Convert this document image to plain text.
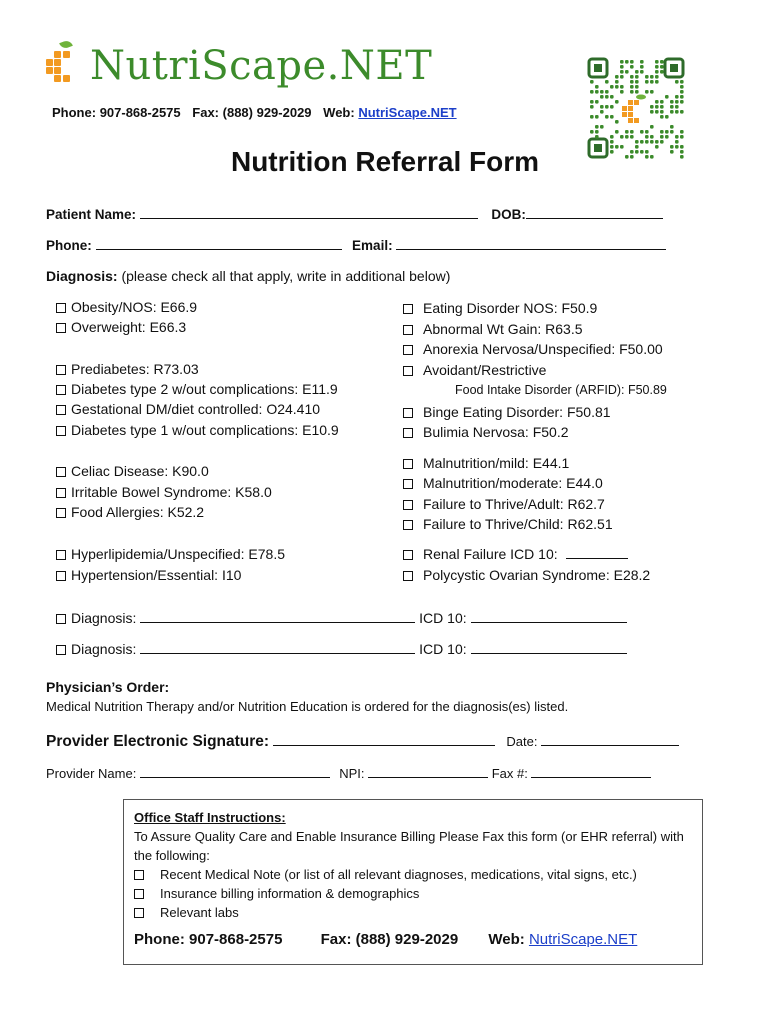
NutriScape.NET
Phone: 907-868-2575 Fax: (888) 929-2029 Web: NutriScape.NET
Nutrition Referral Form
Patient Name:	DOB:
Phone:	Email:
Diagnosis: (please check all that apply, write in additional below)
Obesity/NOS: E66.9
Overweight: E66.3
Prediabetes: R73.03
Diabetes type 2 w/out complications: E11.9
Gestational DM/diet controlled: O24.410
Diabetes type 1 w/out complications: E10.9
Celiac Disease: K90.0
Irritable Bowel Syndrome: K58.0
Food Allergies: K52.2
Hyperlipidemia/Unspecified: E78.5
Hypertension/Essential: I10
Eating Disorder NOS: F50.9
Abnormal Wt Gain: R63.5
Anorexia Nervosa/Unspecified: F50.00
Avoidant/Restrictive
Food Intake Disorder (ARFID): F50.89
Binge Eating Disorder: F50.81
Bulimia Nervosa: F50.2
Malnutrition/mild: E44.1
Malnutrition/moderate: E44.0
Failure to Thrive/Adult: R62.7
Failure to Thrive/Child: R62.51
Renal Failure ICD 10:
Polycystic Ovarian Syndrome: E28.2
Diagnosis:	ICD 10:
Diagnosis:	ICD 10:
Physician’s Order:
Medical Nutrition Therapy and/or Nutrition Education is ordered for the diagnosis(es) listed.
Provider Electronic Signature:	Date:
Provider Name:	NPI:	Fax #:
Office Staff Instructions:
To Assure Quality Care and Enable Insurance Billing Please Fax this form (or EHR referral) with the following:
Recent Medical Note (or list of all relevant diagnoses, medications, vital signs, etc.)
Insurance billing information & demographics
Relevant labs
Phone: 907-868-2575	Fax: (888) 929-2029 Web: NutriScape.NET
